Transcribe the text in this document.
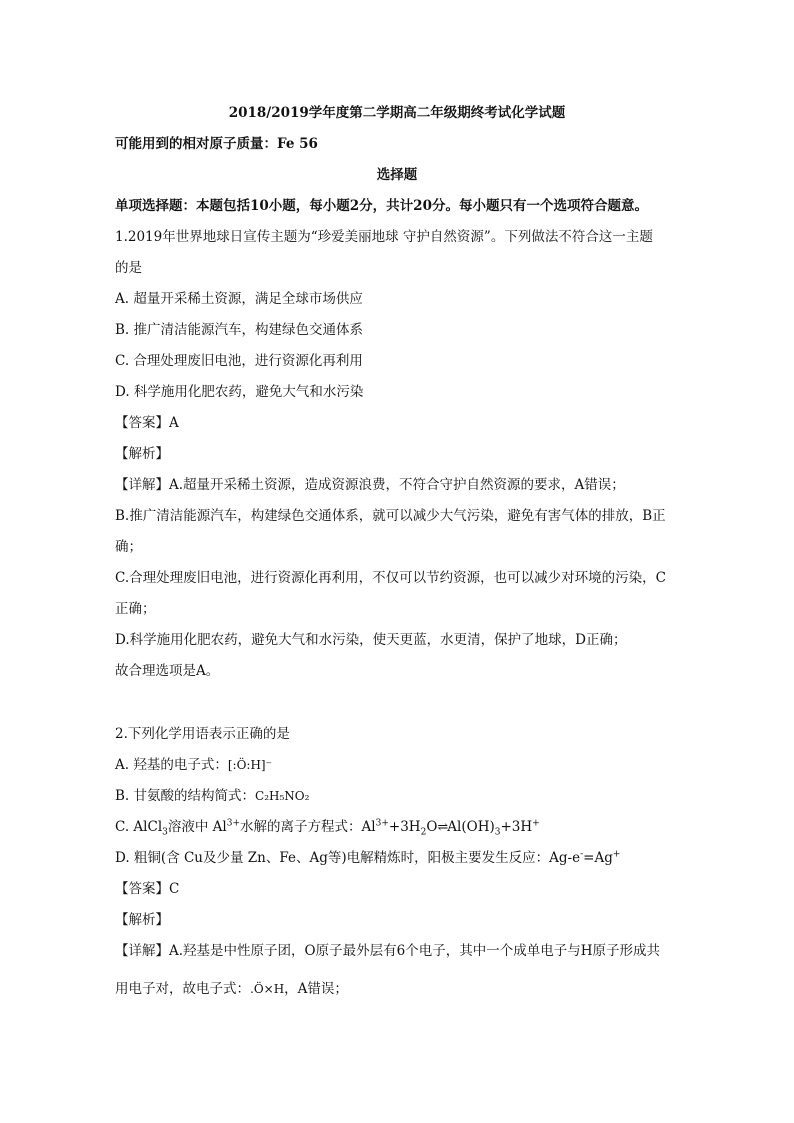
2018/2019学年度第二学期高二年级期终考试化学试题
可能用到的相对原子质量：Fe 56
选择题
单项选择题：本题包括10小题，每小题2分，共计20分。每小题只有一个选项符合题意。
1.2019年世界地球日宣传主题为“珍爱美丽地球 守护自然资源”。下列做法不符合这一主题
的是
A. 超量开采稀土资源，满足全球市场供应
B. 推广清洁能源汽车，构建绿色交通体系
C. 合理处理废旧电池，进行资源化再利用
D. 科学施用化肥农药，避免大气和水污染
【答案】A
【解析】
【详解】A.超量开采稀土资源，造成资源浪费，不符合守护自然资源的要求，A错误；
B.推广清洁能源汽车，构建绿色交通体系，就可以减少大气污染，避免有害气体的排放，B正
确；
C.合理处理废旧电池，进行资源化再利用，不仅可以节约资源，也可以减少对环境的污染，C
正确；
D.科学施用化肥农药，避免大气和水污染，使天更蓝，水更清，保护了地球，D正确；
故合理选项是A。
2.下列化学用语表示正确的是
A. 羟基的电子式：[:Ö:H]⁻
B. 甘氨酸的结构简式：C₂H₅NO₂
C. AlCl$_3$溶液中 $Al^{3+}$水解的离子方程式：$Al^{3+}+3H_2O\rightleftharpoons Al(OH)_3+3H^+$
D. 粗铜(含 Cu及少量 Zn、Fe、Ag等)电解精炼时，阳极主要发生反应：Ag-e-=Ag+
【答案】C
【解析】
【详解】A.羟基是中性原子团，O原子最外层有6个电子，其中一个成单电子与H原子形成共
用电子对，故电子式：.Ö×H，A错误；
